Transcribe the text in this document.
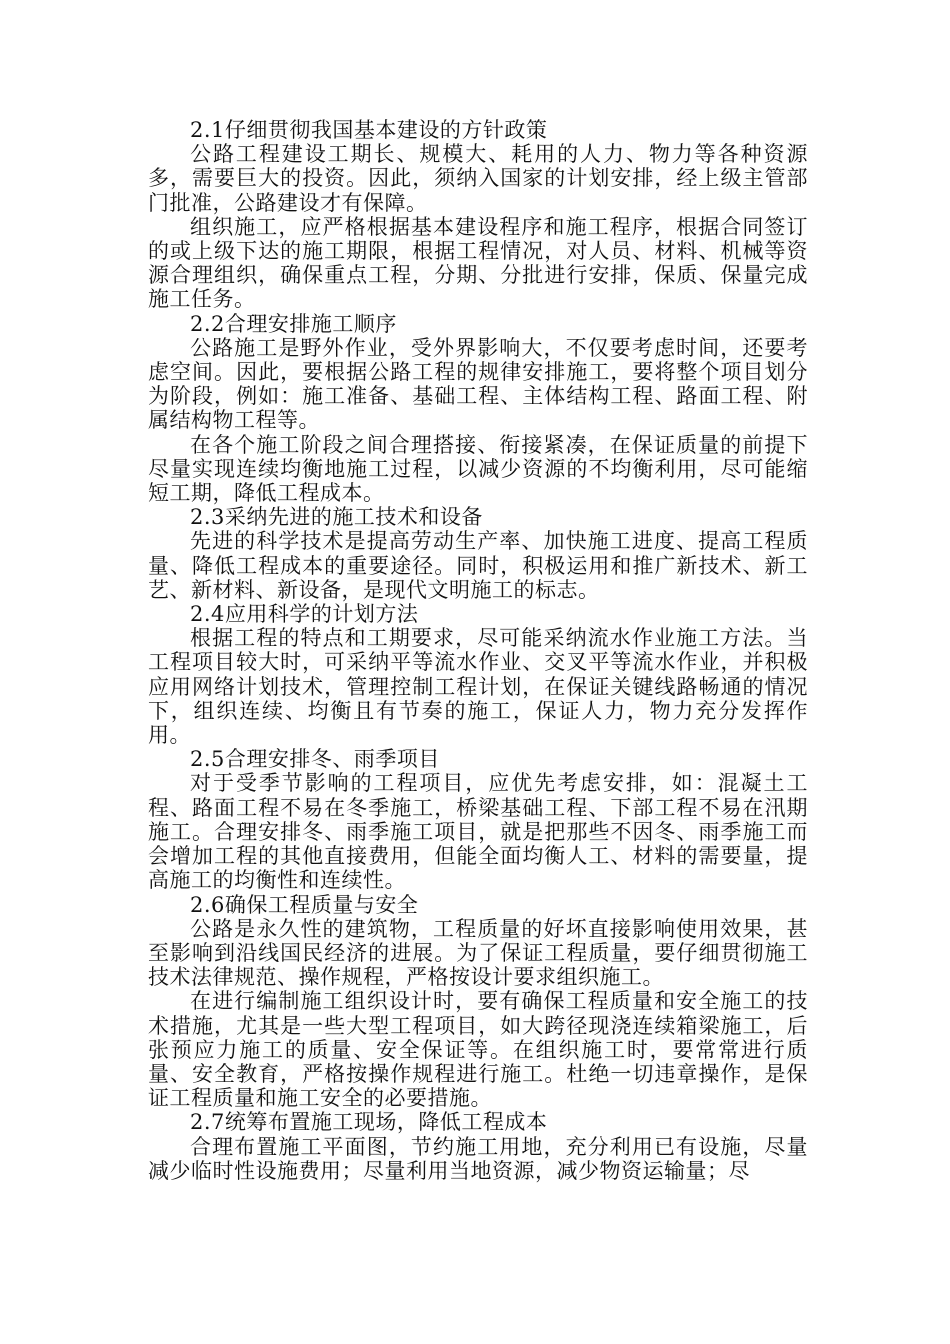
2.1仔细贯彻我国基本建设的方针政策

公路工程建设工期长、规模大、耗用的人力、物力等各种资源多，需要巨大的投资。因此，须纳入国家的计划安排，经上级主管部门批准，公路建设才有保障。

组织施工，应严格根据基本建设程序和施工程序，根据合同签订的或上级下达的施工期限，根据工程情况，对人员、材料、机械等资源合理组织，确保重点工程，分期、分批进行安排，保质、保量完成施工任务。

2.2合理安排施工顺序

公路施工是野外作业，受外界影响大，不仅要考虑时间，还要考虑空间。因此，要根据公路工程的规律安排施工，要将整个项目划分为阶段，例如：施工准备、基础工程、主体结构工程、路面工程、附属结构物工程等。

在各个施工阶段之间合理搭接、衔接紧凑，在保证质量的前提下尽量实现连续均衡地施工过程，以减少资源的不均衡利用，尽可能缩短工期，降低工程成本。

2.3采纳先进的施工技术和设备

先进的科学技术是提高劳动生产率、加快施工进度、提高工程质量、降低工程成本的重要途径。同时，积极运用和推广新技术、新工艺、新材料、新设备，是现代文明施工的标志。

2.4应用科学的计划方法

根据工程的特点和工期要求，尽可能采纳流水作业施工方法。当工程项目较大时，可采纳平等流水作业、交叉平等流水作业，并积极应用网络计划技术，管理控制工程计划，在保证关键线路畅通的情况下，组织连续、均衡且有节奏的施工，保证人力，物力充分发挥作用。

2.5合理安排冬、雨季项目

对于受季节影响的工程项目，应优先考虑安排，如：混凝土工程、路面工程不易在冬季施工，桥梁基础工程、下部工程不易在汛期施工。合理安排冬、雨季施工项目，就是把那些不因冬、雨季施工而会增加工程的其他直接费用，但能全面均衡人工、材料的需要量，提高施工的均衡性和连续性。

2.6确保工程质量与安全

公路是永久性的建筑物，工程质量的好坏直接影响使用效果，甚至影响到沿线国民经济的进展。为了保证工程质量，要仔细贯彻施工技术法律规范、操作规程，严格按设计要求组织施工。

在进行编制施工组织设计时，要有确保工程质量和安全施工的技术措施，尤其是一些大型工程项目，如大跨径现浇连续箱梁施工，后张预应力施工的质量、安全保证等。在组织施工时，要常常进行质量、安全教育，严格按操作规程进行施工。杜绝一切违章操作，是保证工程质量和施工安全的必要措施。

2.7统筹布置施工现场，降低工程成本

合理布置施工平面图，节约施工用地，充分利用已有设施，尽量减少临时性设施费用；尽量利用当地资源，减少物资运输量；尽
